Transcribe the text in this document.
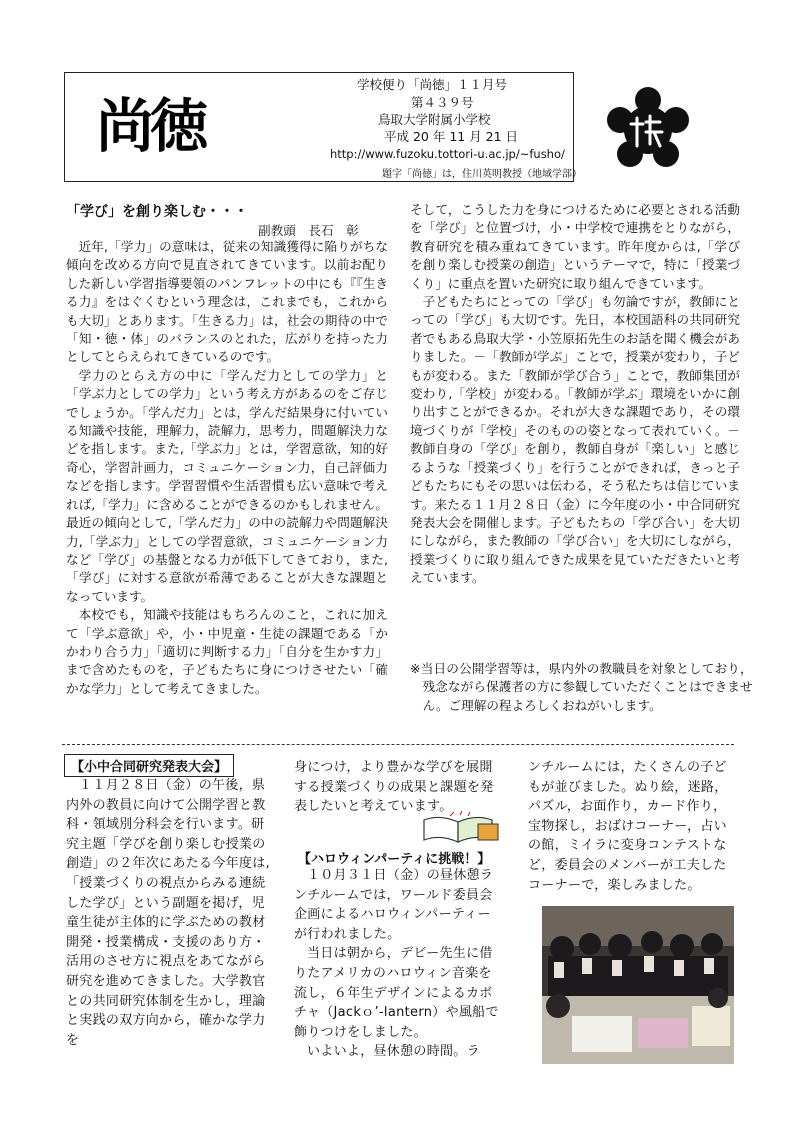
尚徳
学校便り「尚徳」１１月号
第４３９号
鳥取大学附属小学校
平成 20 年 11 月 21 日
http://www.fuzoku.tottori-u.ac.jp/~fusho/
題字「尚徳」は，住川英明教授（地域学部）
「学び」を創り楽しむ・・・
副教頭　長石　彰

近年,「学力」の意味は，従来の知識獲得に陥りがちな傾向を改める方向で見直されてきています。以前お配りした新しい学習指導要領のパンフレットの中にも『『生きる力』をはぐくむという理念は，これまでも，これからも大切」とあります。「生きる力」は，社会の期待の中で「知・徳・体」のバランスのとれた，広がりを持った力としてとらえられてきているのです。

学力のとらえ方の中に「学んだ力としての学力」と「学ぶ力としての学力」という考え方があるのをご存じでしょうか。「学んだ力」とは，学んだ結果身に付いている知識や技能，理解力，読解力，思考力，問題解決力などを指します。また,「学ぶ力」とは，学習意欲，知的好奇心，学習計画力，コミュニケーション力，自己評価力などを指します。学習習慣や生活習慣も広い意味で考えれば,「学力」に含めることができるのかもしれません。最近の傾向として,「学んだ力」の中の読解力や問題解決力,「学ぶ力」としての学習意欲，コミュニケーション力など「学び」の基盤となる力が低下してきており，また,「学び」に対する意欲が希薄であることが大きな課題となっています。

本校でも，知識や技能はもちろんのこと，これに加えて「学ぶ意欲」や，小・中児童・生徒の課題である「かかわり合う力」「適切に判断する力」「自分を生かす力」まで含めたものを，子どもたちに身につけさせたい「確かな学力」として考えてきました。

そして，こうした力を身につけるために必要とされる活動を「学び」と位置づけ，小・中学校で連携をとりながら，教育研究を積み重ねてきています。昨年度からは,「学びを創り楽しむ授業の創造」というテーマで，特に「授業づくり」に重点を置いた研究に取り組んできています。

子どもたちにとっての「学び」も勿論ですが，教師にとっての「学び」も大切です。先日，本校国語科の共同研究者でもある鳥取大学・小笠原拓先生のお話を聞く機会がありました。－「教師が学ぶ」ことで，授業が変わり，子どもが変わる。また「教師が学び合う」ことで，教師集団が変わり,「学校」が変わる。「教師が学ぶ」環境をいかに創り出すことができるか。それが大きな課題であり，その環境づくりが「学校」そのものの姿となって表れていく。－教師自身の「学び」を創り，教師自身が「楽しい」と感じるような「授業づくり」を行うことができれば，きっと子どもたちにもその思いは伝わる，そう私たちは信じています。来たる１１月２８日（金）に今年度の小・中合同研究発表大会を開催します。子どもたちの「学び合い」を大切にしながら，また教師の「学び合い」を大切にしながら，授業づくりに取り組んできた成果を見ていただきたいと考えています。

※当日の公開学習等は，県内外の教職員を対象としており，残念ながら保護者の方に参観していただくことはできません。ご理解の程よろしくおねがいします。
【小中合同研究発表大会】
１１月２８日（金）の午後，県内外の教員に向けて公開学習と教科・領域別分科会を行います。研究主題「学びを創り楽しむ授業の創造」の２年次にあたる今年度は,「授業づくりの視点からみる連続した学び」という副題を掲げ，児童生徒が主体的に学ぶための教材開発・授業構成・支援のあり方・活用のさせ方に視点をあてながら研究を進めてきました。大学教官との共同研究体制を生かし，理論と実践の双方向から，確かな学力を
身につけ，より豊かな学びを展開する授業づくりの成果と課題を発表したいと考えています。
【ハロウィンパーティに挑戦！】

１０月３１日（金）の昼休憩ランチルームでは，ワールド委員会企画によるハロウィンパーティーが行われました。

当日は朝から，デビー先生に借りたアメリカのハロウィン音楽を流し，６年生デザインによるカボチャ（Jackｏ’-lantern）や風船で飾りつけをしました。

いよいよ，昼休憩の時間。ラ

ンチルームには，たくさんの子どもが並びました。ぬり絵，迷路，パズル，お面作り，カード作り，宝物探し，おばけコーナー，占いの館，ミイラに変身コンテストなど，委員会のメンバーが工夫したコーナーで，楽しみました。
